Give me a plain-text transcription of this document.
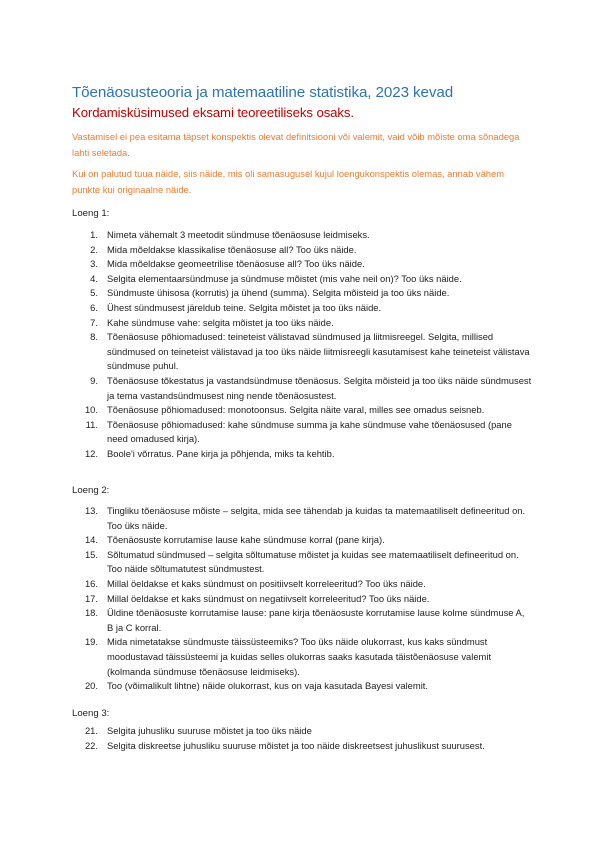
Tõenäosusteooria ja matemaatiline statistika, 2023 kevad
Kordamisküsimused eksami teoreetiliseks osaks.
Vastamisel ei pea esitama täpset konspektis olevat definitsiooni või valemit, vaid võib mõiste oma sõnadega lahti seletada.
Kui on palutud tuua näide, siis näide, mis oli samasugusel kujul loengukonspektis olemas, annab vähem punkte kui originaalne näide.
Loeng 1:
1. Nimeta vähemalt 3 meetodit sündmuse tõenäosuse leidmiseks.
2. Mida mõeldakse klassikalise tõenäosuse all? Too üks näide.
3. Mida mõeldakse geomeetrilise tõenäosuse all? Too üks näide.
4. Selgita elementaarsündmuse ja sündmuse mõistet (mis vahe neil on)? Too üks näide.
5. Sündmuste ühisosa (korrutis) ja ühend (summa). Selgita mõisteid ja too üks näide.
6. Ühest sündmusest järeldub teine. Selgita mõistet ja too üks näide.
7. Kahe sündmuse vahe: selgita mõistet ja too üks näide.
8. Tõenäosuse põhiomadused: teineteist välistavad sündmused ja liitmisreegel. Selgita, millised sündmused on teineteist välistavad ja too üks näide liitmisreegli kasutamisest kahe teineteist välistava sündmuse puhul.
9. Tõenäosuse tõkestatus ja vastandsündmuse tõenäosus. Selgita mõisteid ja too üks näide sündmusest ja temа vastandsündmusest ning nende tõenäosustest.
10. Tõenäosuse põhiomadused: monotoonsus. Selgita näite varal, milles see omadus seisneb.
11. Tõenäosuse põhiomadused: kahe sündmuse summa ja kahe sündmuse vahe tõenäosused (pane need omadused kirja).
12. Boole'i võrratus. Pane kirja ja põhjenda, miks ta kehtib.
Loeng 2:
13. Tingliku tõenäosuse mõiste – selgita, mida see tähendab ja kuidas ta matemaatiliselt defineeritud on. Too üks näide.
14. Tõenäosuste korrutamise lause kahe sündmuse korral (pane kirja).
15. Sõltumatud sündmused – selgita sõltumatuse mõistet ja kuidas see matemaatiliselt defineeritud on. Too näide sõltumatutest sündmustest.
16. Millal öeldakse et kaks sündmust on positiivselt korreleeritud? Too üks näide.
17. Millal öeldakse et kaks sündmust on negatiivselt korreleeritud? Too üks näide.
18. Üldine tõenäosuste korrutamise lause: pane kirja tõenäosuste korrutamise lause kolme sündmuse A, B ja C korral.
19. Mida nimetatakse sündmuste täissüsteemiks? Too üks näide olukorrast, kus kaks sündmust moodustavad täissüsteemi ja kuidas selles olukorras saaks kasutada täistõenäosuse valemit (kolmanda sündmuse tõenäosuse leidmiseks).
20. Too (võimalikult lihtne) näide olukorrast, kus on vaja kasutada Bayesi valemit.
Loeng 3:
21. Selgita juhusliku suuruse mõistet ja too üks näide
22. Selgita diskreetse juhusliku suuruse mõistet ja too näide diskreetsest juhuslikust suurusest.
